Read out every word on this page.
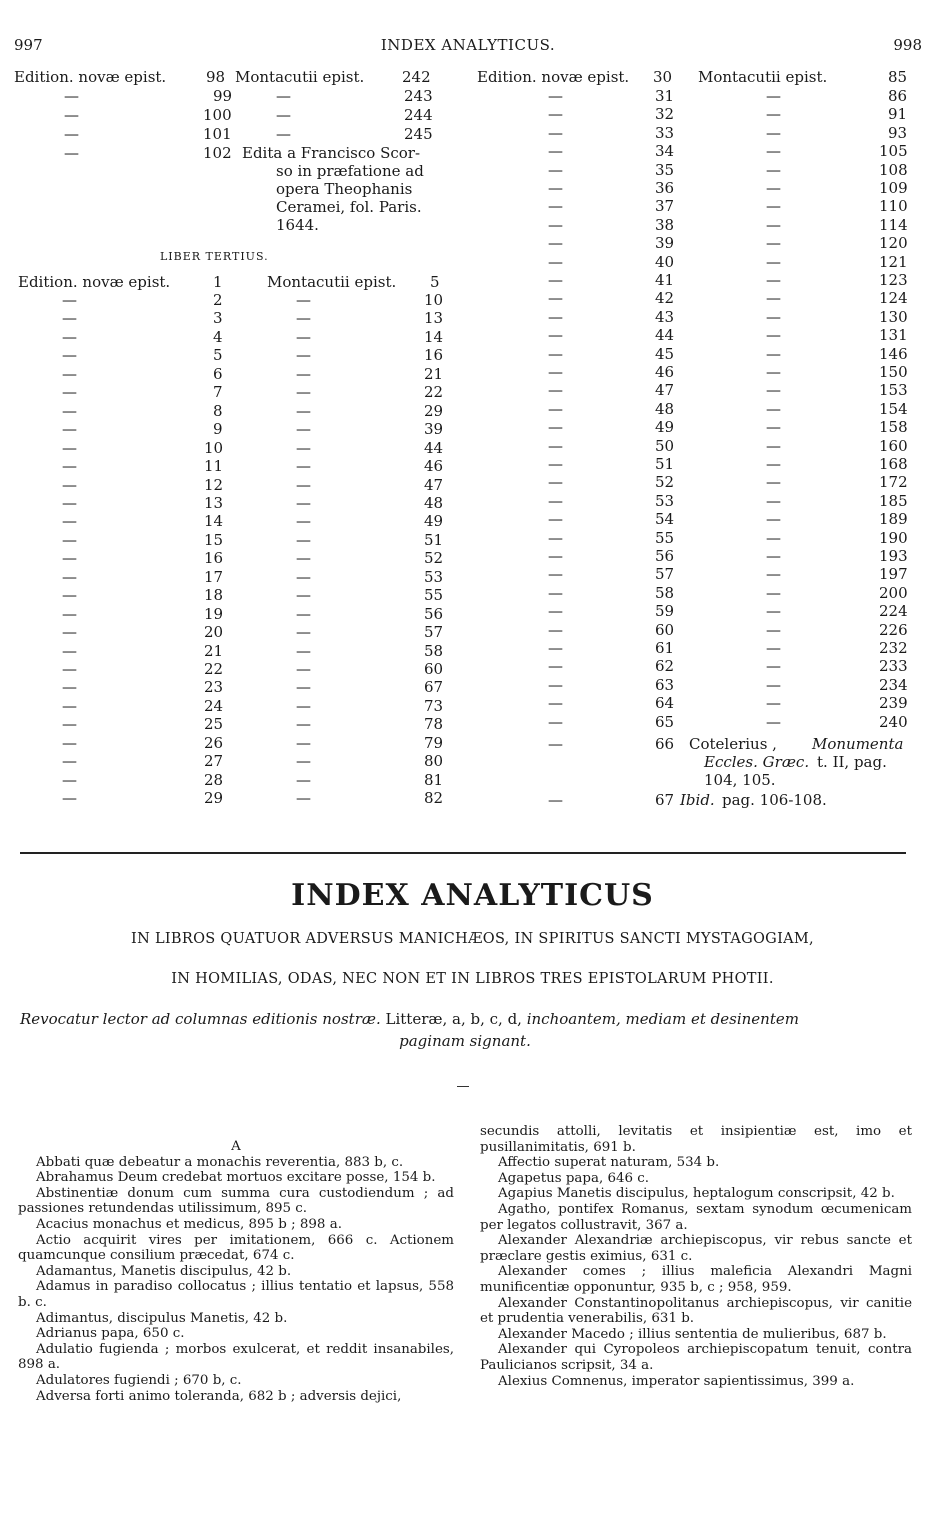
997	INDEX ANALYTICUS.	998
Edition. novæ epist.	98 Montacutii epist.	242
—	99	—	243
—	100	—	244
—	101	—	245
—	102 Edita a Francisco Scor-
so in præfatione ad
opera Theophanis
Ceramei, fol. Paris.
1644.
LIBER TERTIUS.
Edition. novæ epist.	1	Montacutii epist. 5
—	2	—	10
—	3	—	13
—	4	—	14
—	5	—	16
—	6	—	21
—	7	—	22
—	8	—	29
—	9	—	39
—	10	—	44
—	11	—	46
—	12	—	47
—	13	—	48
—	14	—	49
—	15	—	51
—	16	—	52
—	17	—	53
—	18	—	55
—	19	—	56
—	20	—	57
—	21	—	58
—	22	—	60
—	23	—	67
—	24	—	73
—	25	—	78
—	26	—	79
—	27	—	80
—	28	—	81
—	29	—	82
Edition. novæ epist. 30 Montacutii epist.	85
—	31	—	86
—	32	—	91
—	33	—	93
—	34	—	105
—	35	—	108
—	36	—	109
—	37	—	110
—	38	—	114
—	39	—	120
—	40	—	121
—	41	—	123
—	42	—	124
—	43	—	130
—	44	—	131
—	45	—	146
—	46	—	150
—	47	—	153
—	48	—	154
—	49	—	158
—	50	—	160
—	51	—	168
—	52	—	172
—	53	—	185
—	54	—	189
—	55	—	190
—	56	—	193
—	57	—	197
—	58	—	200
—	59	—	224
—	60	—	226
—	61	—	232
—	62	—	233
—	63	—	234
—	64	—	239
—	65	—	240
—	66 Cotelerius , Monumenta
Eccles. Græc. t. II, pag.
104, 105.
—	67 Ibid. pag. 106-108.
INDEX ANALYTICUS
IN LIBROS QUATUOR ADVERSUS MANICHÆOS, IN SPIRITUS SANCTI MYSTAGOGIAM,
IN HOMILIAS, ODAS, NEC NON ET IN LIBROS TRES EPISTOLARUM PHOTII.
Revocatur lector ad columnas editionis nostræ. Litteræ, a, b, c, d, inchoantem, mediam et desinentem
paginam signant.

A

Abbati quæ debeatur a monachis reverentia, 883 b, c.

Abrahamus Deum credebat mortuos excitare posse, 154 b.

Abstinentiæ donum cum summa cura custodiendum ; ad passiones retundendas utilissimum, 895 c.

Acacius monachus et medicus, 895 b ; 898 a.

Actio acquirit vires per imitationem, 666 c. Actionem quamcunque consilium præcedat, 674 c.

Adamantus, Manetis discipulus, 42 b.

Adamus in paradiso collocatus ; illius tentatio et lapsus, 558 b. c.

Adimantus, discipulus Manetis, 42 b.

Adrianus papa, 650 c.

Adulatio fugienda ; morbos exulcerat, et reddit insanabiles, 898 a.

Adulatores fugiendi ; 670 b, c.

Adversa forti animo toleranda, 682 b ; adversis dejici,

secundis attolli, levitatis et insipientiæ est, imo et pusillanimitatis, 691 b.

Affectio superat naturam, 534 b.

Agapetus papa, 646 c.

Agapius Manetis discipulus, heptalogum conscripsit, 42 b.

Agatho, pontifex Romanus, sextam synodum œcumenicam per legatos collustravit, 367 a.

Alexander Alexandriæ archiepiscopus, vir rebus sancte et præclare gestis eximius, 631 c.

Alexander comes ; illius maleficia Alexandri Magni munificentiæ opponuntur, 935 b, c ; 958, 959.

Alexander Constantinopolitanus archiepiscopus, vir canitie et prudentia venerabilis, 631 b.

Alexander Macedo ; illius sententia de mulieribus, 687 b.

Alexander qui Cyropoleos archiepiscopatum tenuit, contra Paulicianos scripsit, 34 a.

Alexius Comnenus, imperator sapientissimus, 399 a.
